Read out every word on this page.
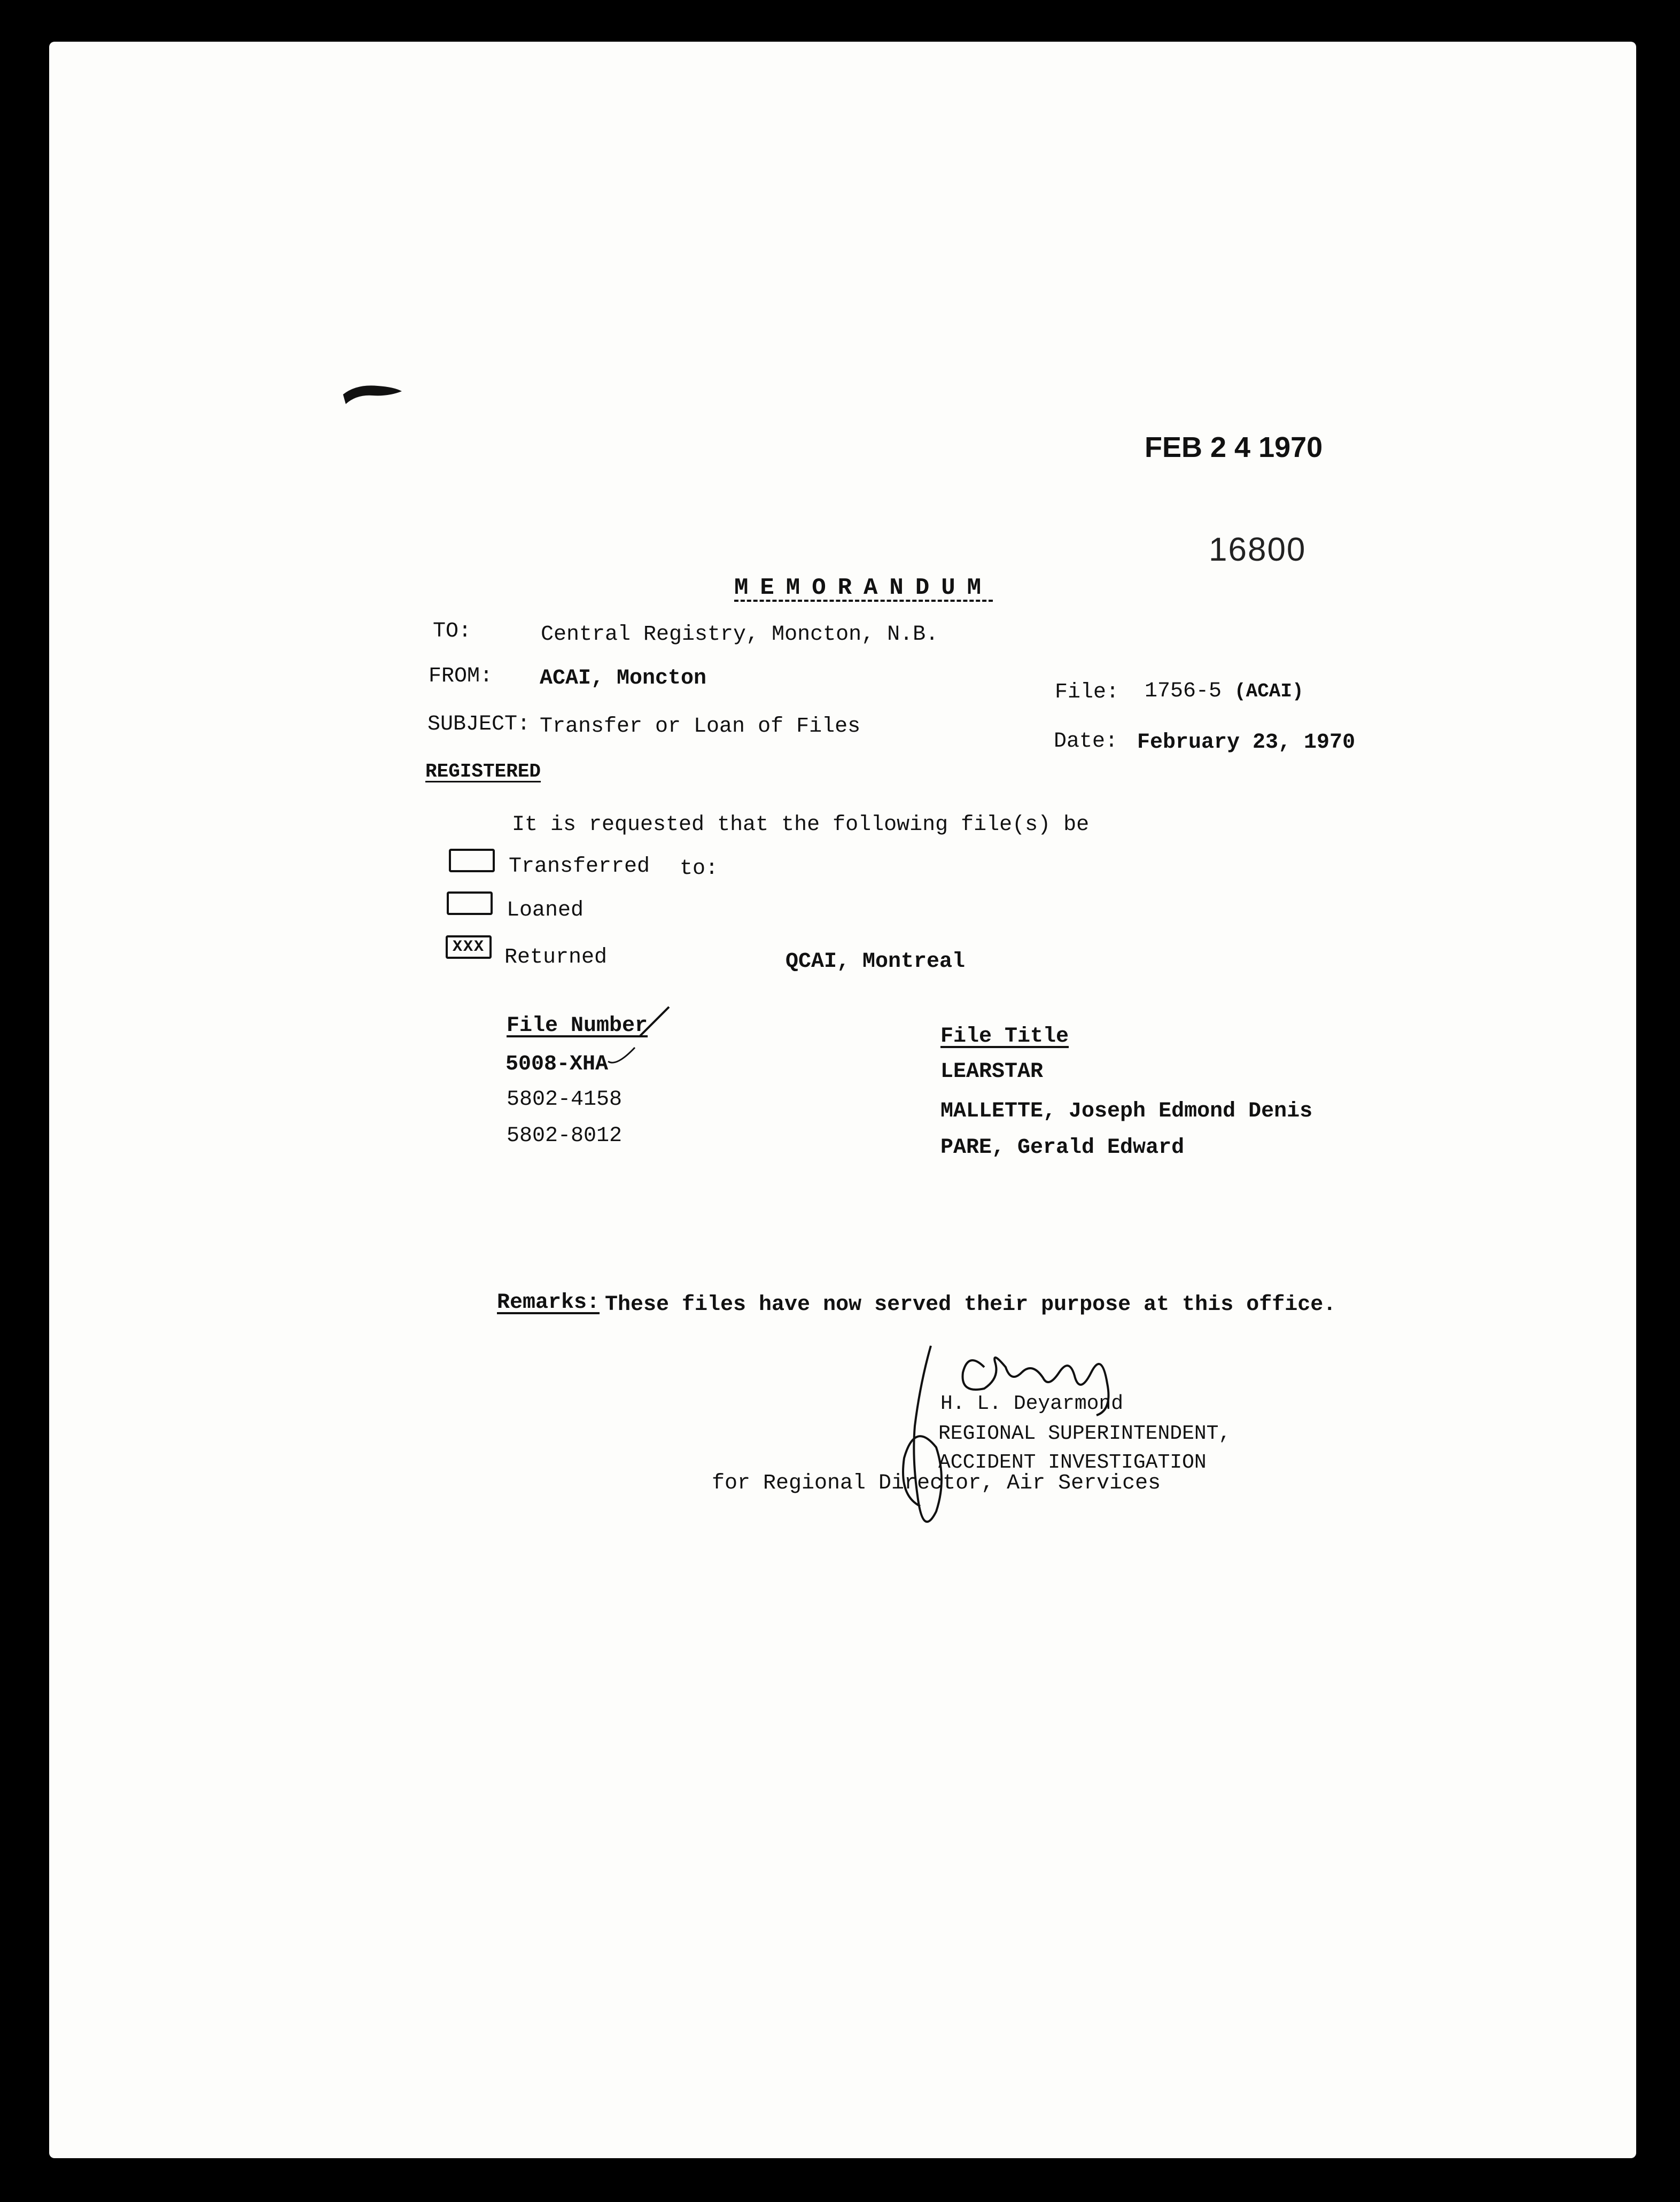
FEB 2 4 1970
16800
MEMORANDUM
TO:	Central Registry, Moncton, N.B.
FROM: ACAI, Moncton
File: 1756-5 (ACAI)
SUBJECT: Transfer or Loan of Files
Date: February 23, 1970
REGISTERED
It is requested that the following file(s) be
Transferred to:
Loaned
XXX Returned	QCAI, Montreal
File Number	File Title
5008-XHA	LEARSTAR
5802-4158	MALLETTE, Joseph Edmond Denis
5802-8012	PARE, Gerald Edward
Remarks: These files have now served their purpose at this office.
H. L. Deyarmond
REGIONAL SUPERINTENDENT,
ACCIDENT INVESTIGATION
for Regional Director, Air Services
